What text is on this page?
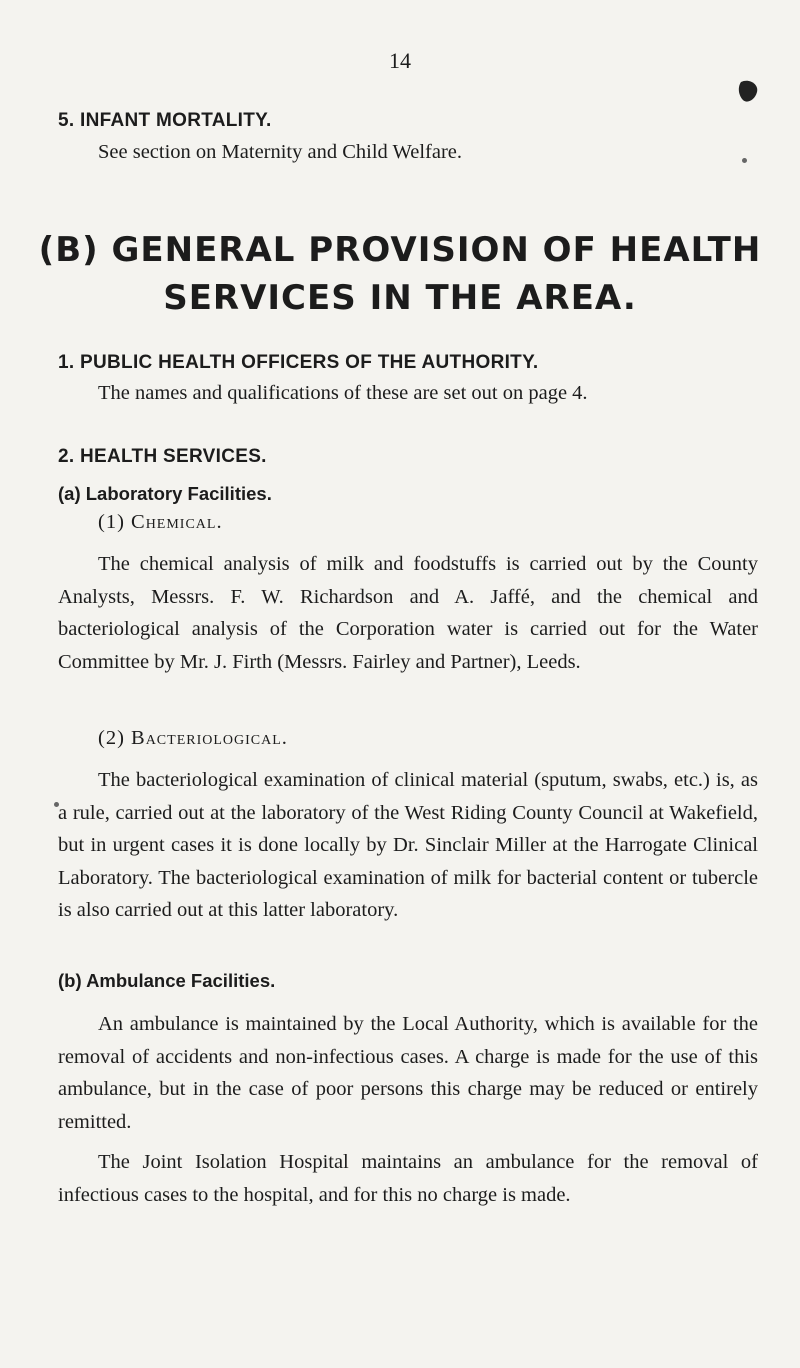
14
5. INFANT MORTALITY.

See section on Maternity and Child Welfare.

(B) GENERAL PROVISION OF HEALTH
SERVICES IN THE AREA.
1. PUBLIC HEALTH OFFICERS OF THE AUTHORITY.

The names and qualifications of these are set out on page 4.

2. HEALTH SERVICES.
(a) Laboratory Facilities.

(1) Chemical.

The chemical analysis of milk and foodstuffs is carried out by the County Analysts, Messrs. F. W. Richardson and A. Jaffé, and the chemical and bacteriological analysis of the Corporation water is carried out for the Water Committee by Mr. J. Firth (Messrs. Fairley and Partner), Leeds.

(2) Bacteriological.

The bacteriological examination of clinical material (sputum, swabs, etc.) is, as a rule, carried out at the laboratory of the West Riding County Council at Wakefield, but in urgent cases it is done locally by Dr. Sinclair Miller at the Harrogate Clinical Laboratory. The bacteriological examination of milk for bacterial content or tubercle is also carried out at this latter laboratory.

(b) Ambulance Facilities.

An ambulance is maintained by the Local Authority, which is available for the removal of accidents and non-infectious cases. A charge is made for the use of this ambulance, but in the case of poor persons this charge may be reduced or entirely remitted.

The Joint Isolation Hospital maintains an ambulance for the removal of infectious cases to the hospital, and for this no charge is made.
